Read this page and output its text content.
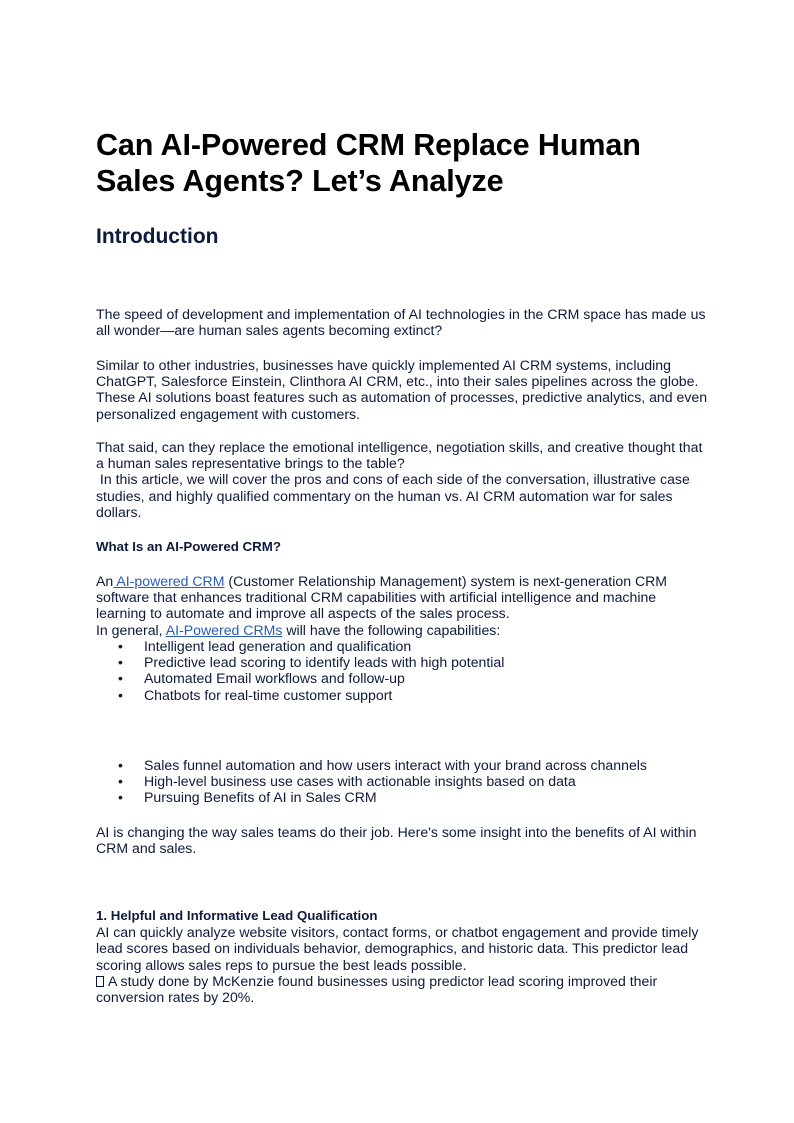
Can AI-Powered CRM Replace Human Sales Agents? Let’s Analyze
Introduction

The speed of development and implementation of AI technologies in the CRM space has made us all wonder—are human sales agents becoming extinct?

Similar to other industries, businesses have quickly implemented AI CRM systems, including ChatGPT, Salesforce Einstein, Clinthora AI CRM, etc., into their sales pipelines across the globe. These AI solutions boast features such as automation of processes, predictive analytics, and even personalized engagement with customers.

That said, can they replace the emotional intelligence, negotiation skills, and creative thought that a human sales representative brings to the table?

In this article, we will cover the pros and cons of each side of the conversation, illustrative case studies, and highly qualified commentary on the human vs. AI CRM automation war for sales dollars.

What Is an AI-Powered CRM?

An AI-powered CRM (Customer Relationship Management) system is next-generation CRM software that enhances traditional CRM capabilities with artificial intelligence and machine learning to automate and improve all aspects of the sales process.

In general, AI-Powered CRMs will have the following capabilities:

• Intelligent lead generation and qualification
• Predictive lead scoring to identify leads with high potential
• Automated Email workflows and follow-up
• Chatbots for real-time customer support
• Sales funnel automation and how users interact with your brand across channels
• High-level business use cases with actionable insights based on data
• Pursuing Benefits of AI in Sales CRM

AI is changing the way sales teams do their job. Here's some insight into the benefits of AI within CRM and sales.

1. Helpful and Informative Lead Qualification

AI can quickly analyze website visitors, contact forms, or chatbot engagement and provide timely lead scores based on individuals behavior, demographics, and historic data. This predictor lead scoring allows sales reps to pursue the best leads possible.

A study done by McKenzie found businesses using predictor lead scoring improved their conversion rates by 20%.
